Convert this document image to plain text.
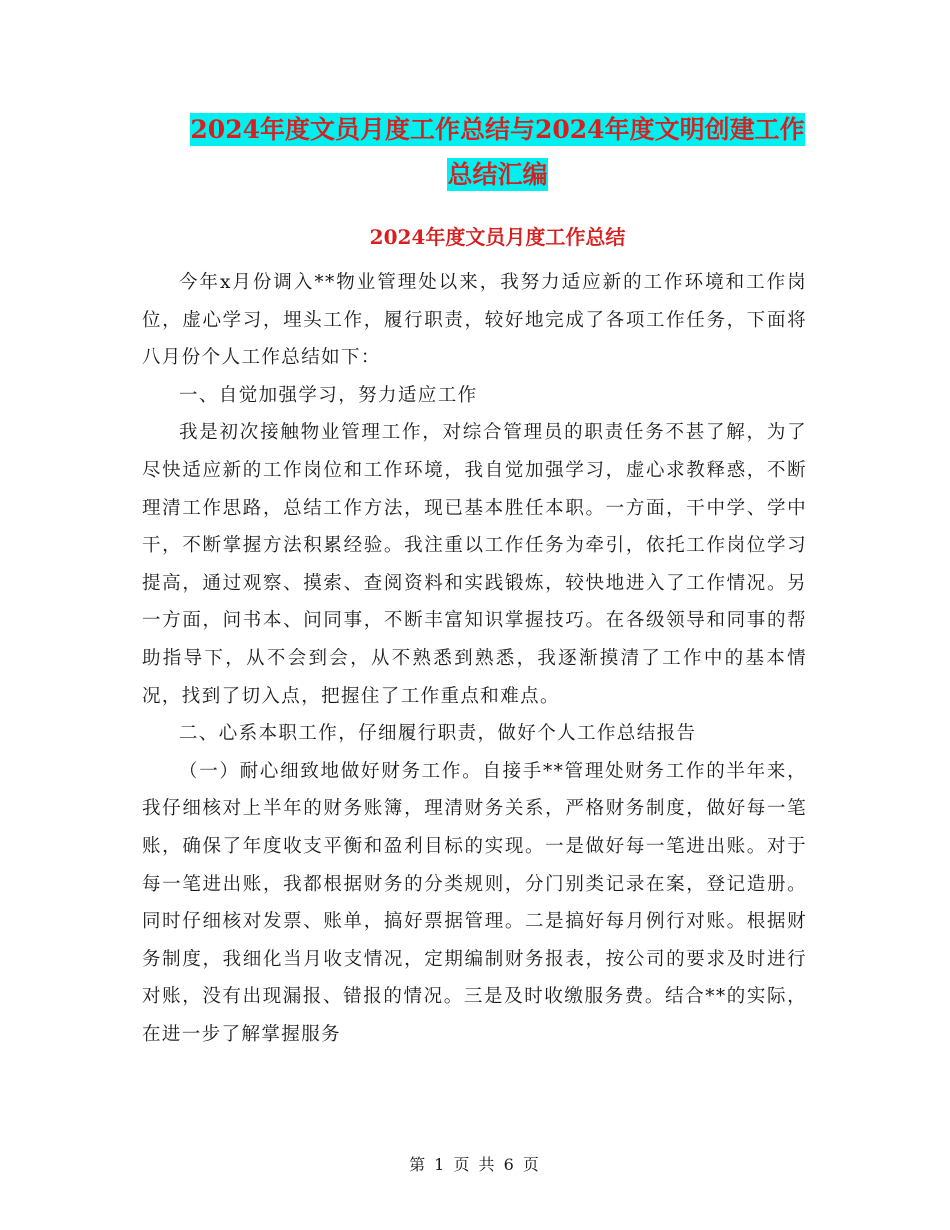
2024年度文员月度工作总结与2024年度文明创建工作
总结汇编
2024年度文员月度工作总结

今年x月份调入**物业管理处以来，我努力适应新的工作环境和工作岗位，虚心学习，埋头工作，履行职责，较好地完成了各项工作任务，下面将八月份个人工作总结如下：

一、自觉加强学习，努力适应工作

我是初次接触物业管理工作，对综合管理员的职责任务不甚了解，为了尽快适应新的工作岗位和工作环境，我自觉加强学习，虚心求教释惑，不断理清工作思路，总结工作方法，现已基本胜任本职。一方面，干中学、学中干，不断掌握方法积累经验。我注重以工作任务为牵引，依托工作岗位学习提高，通过观察、摸索、查阅资料和实践锻炼，较快地进入了工作情况。另一方面，问书本、问同事，不断丰富知识掌握技巧。在各级领导和同事的帮助指导下，从不会到会，从不熟悉到熟悉，我逐渐摸清了工作中的基本情况，找到了切入点，把握住了工作重点和难点。

二、心系本职工作，仔细履行职责，做好个人工作总结报告

（一）耐心细致地做好财务工作。自接手**管理处财务工作的半年来，我仔细核对上半年的财务账簿，理清财务关系，严格财务制度，做好每一笔账，确保了年度收支平衡和盈利目标的实现。一是做好每一笔进出账。对于每一笔进出账，我都根据财务的分类规则，分门别类记录在案，登记造册。同时仔细核对发票、账单，搞好票据管理。二是搞好每月例行对账。根据财务制度，我细化当月收支情况，定期编制财务报表，按公司的要求及时进行对账，没有出现漏报、错报的情况。三是及时收缴服务费。结合**的实际，在进一步了解掌握服务

第 1 页 共 6 页
